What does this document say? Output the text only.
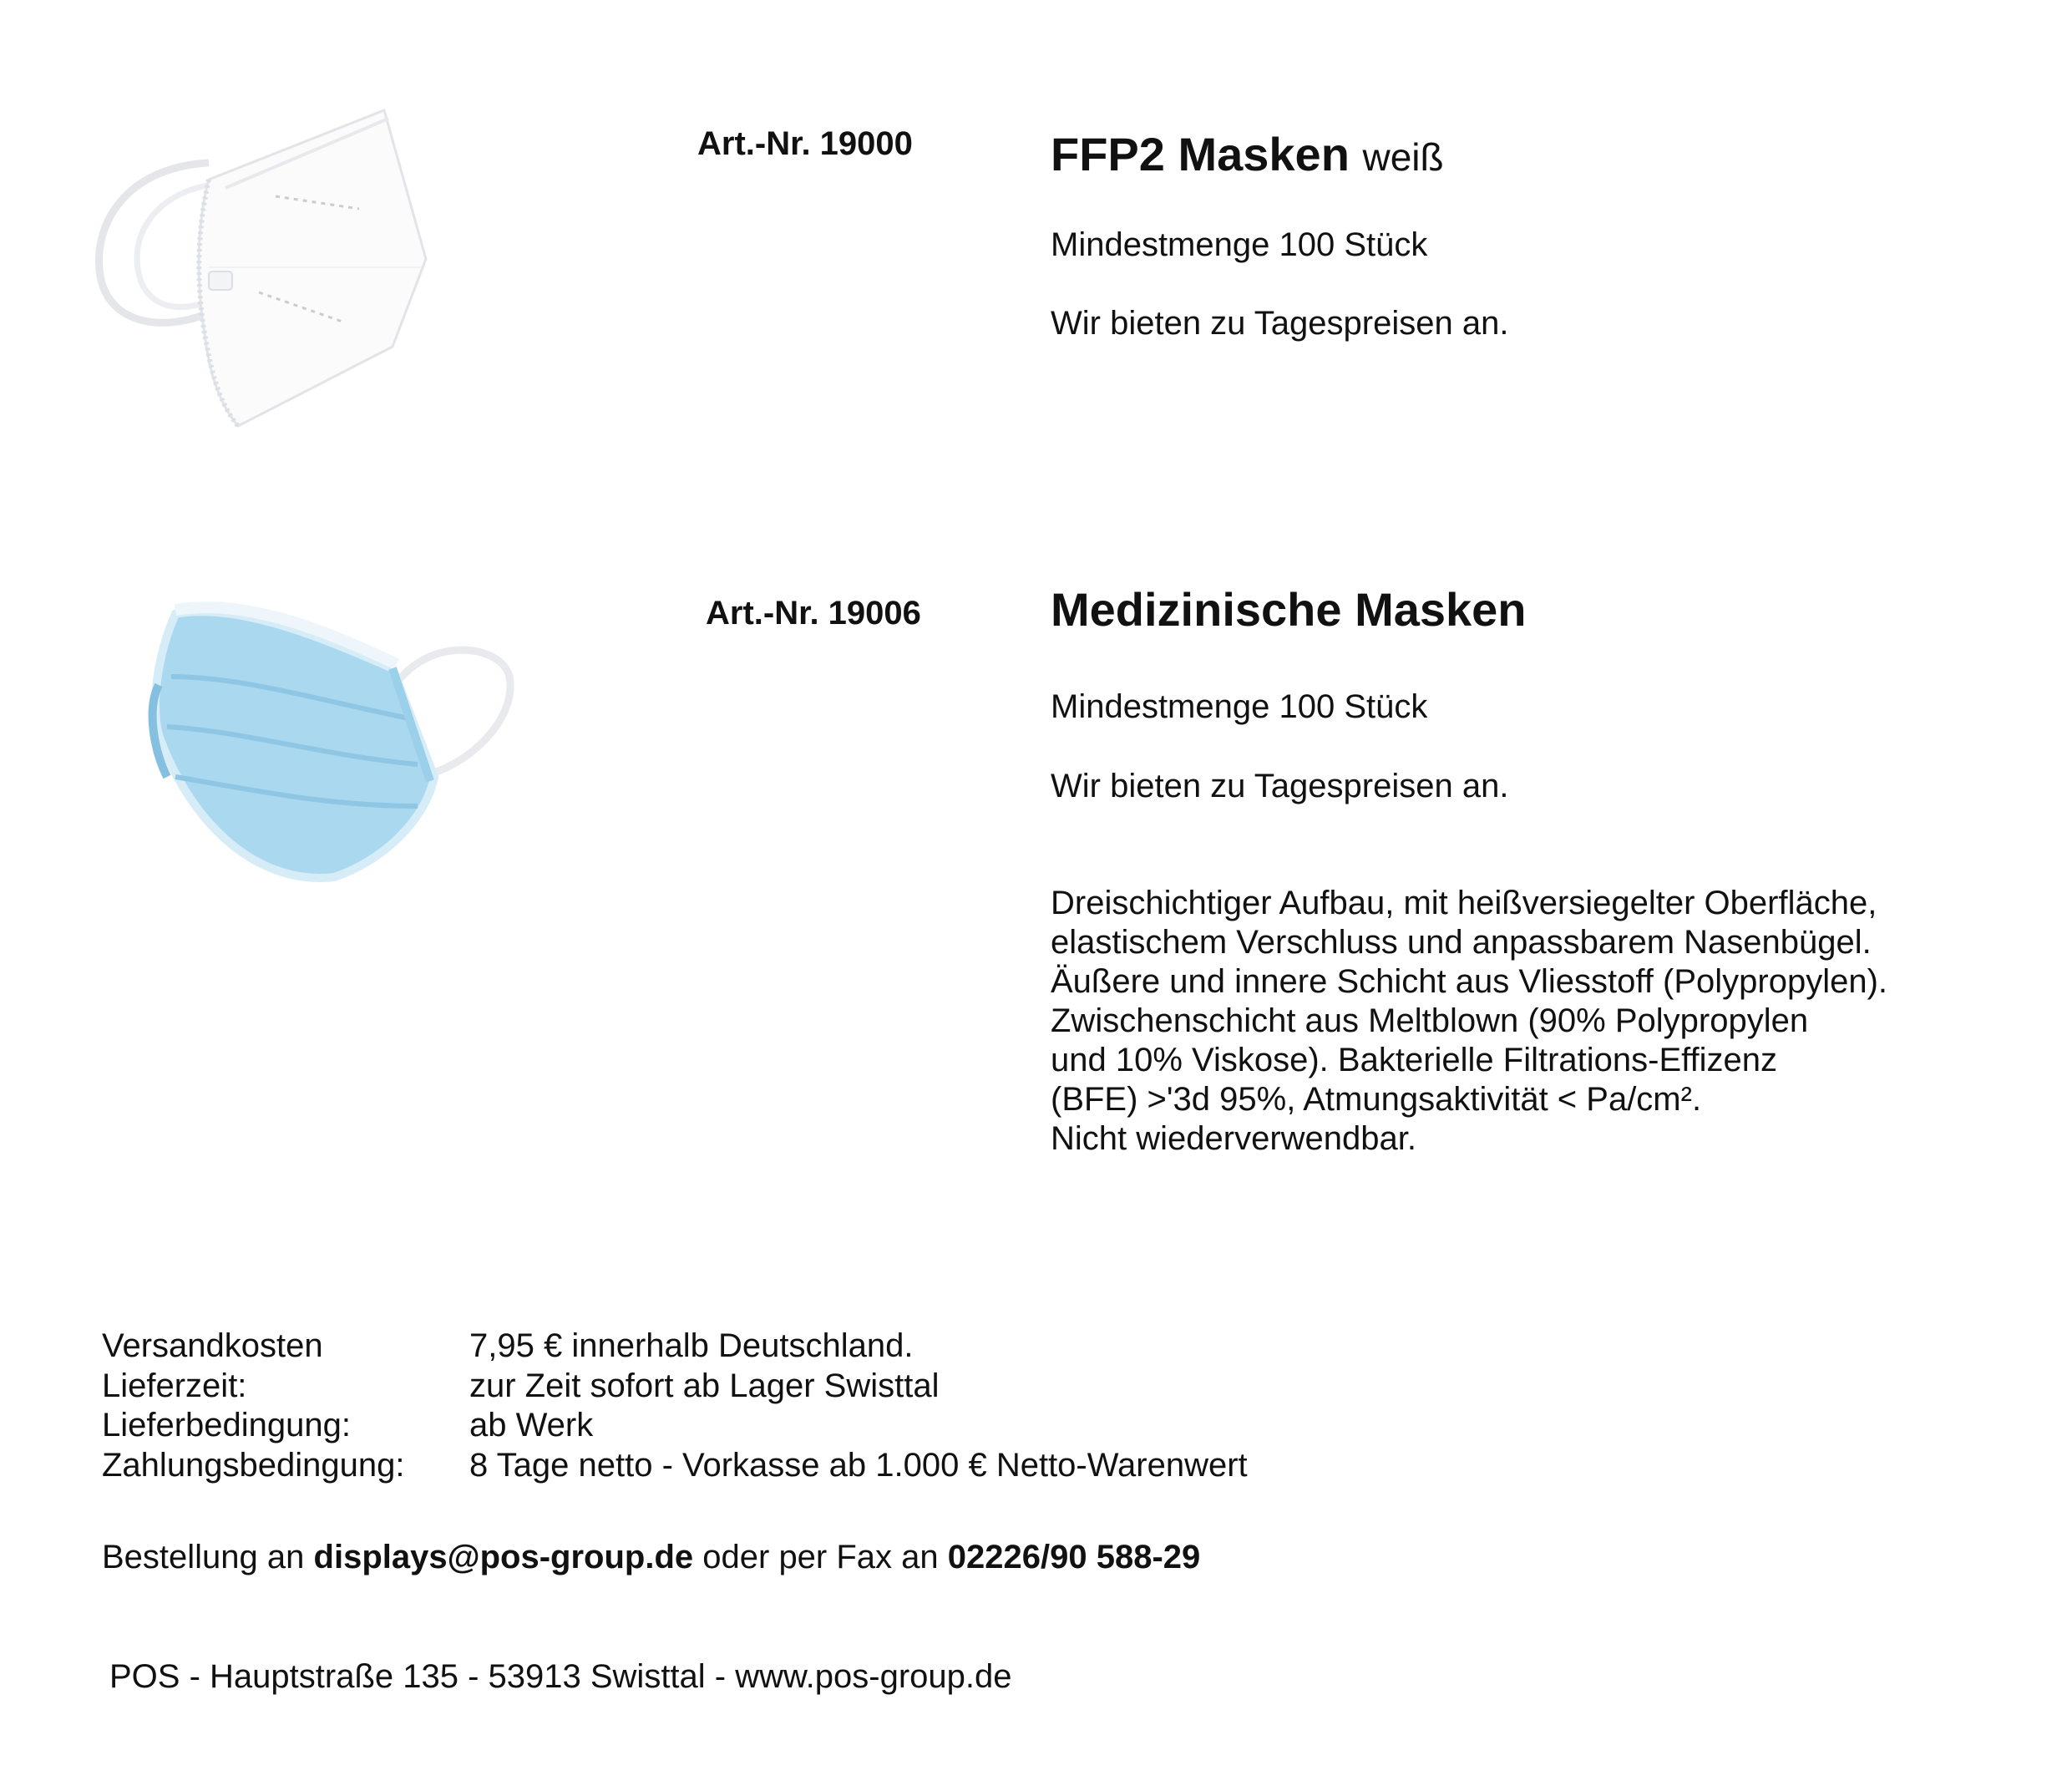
Art.-Nr. 19000	FFP2 Masken weiß
Mindestmenge 100 Stück
Wir bieten zu Tagespreisen an.
Art.-Nr. 19006	Medizinische Masken
Mindestmenge 100 Stück
Wir bieten zu Tagespreisen an.
Dreischichtiger Aufbau, mit heißversiegelter Oberfläche,
elastischem Verschluss und anpassbarem Nasenbügel.
Äußere und innere Schicht aus Vliesstoff (Polypropylen).
Zwischenschicht aus Meltblown (90% Polypropylen
und 10% Viskose). Bakterielle Filtrations-Effizenz
(BFE) >'3d 95%, Atmungsaktivität < Pa/cm².
Nicht wiederverwendbar.
Versandkosten	7,95 € innerhalb Deutschland.
Lieferzeit:	zur Zeit sofort ab Lager Swisttal
Lieferbedingung:	ab Werk
Zahlungsbedingung:	8 Tage netto - Vorkasse ab 1.000 € Netto-Warenwert
Bestellung an displays@pos-group.de oder per Fax an 02226/90 588-29
POS - Hauptstraße 135 - 53913 Swisttal - www.pos-group.de
